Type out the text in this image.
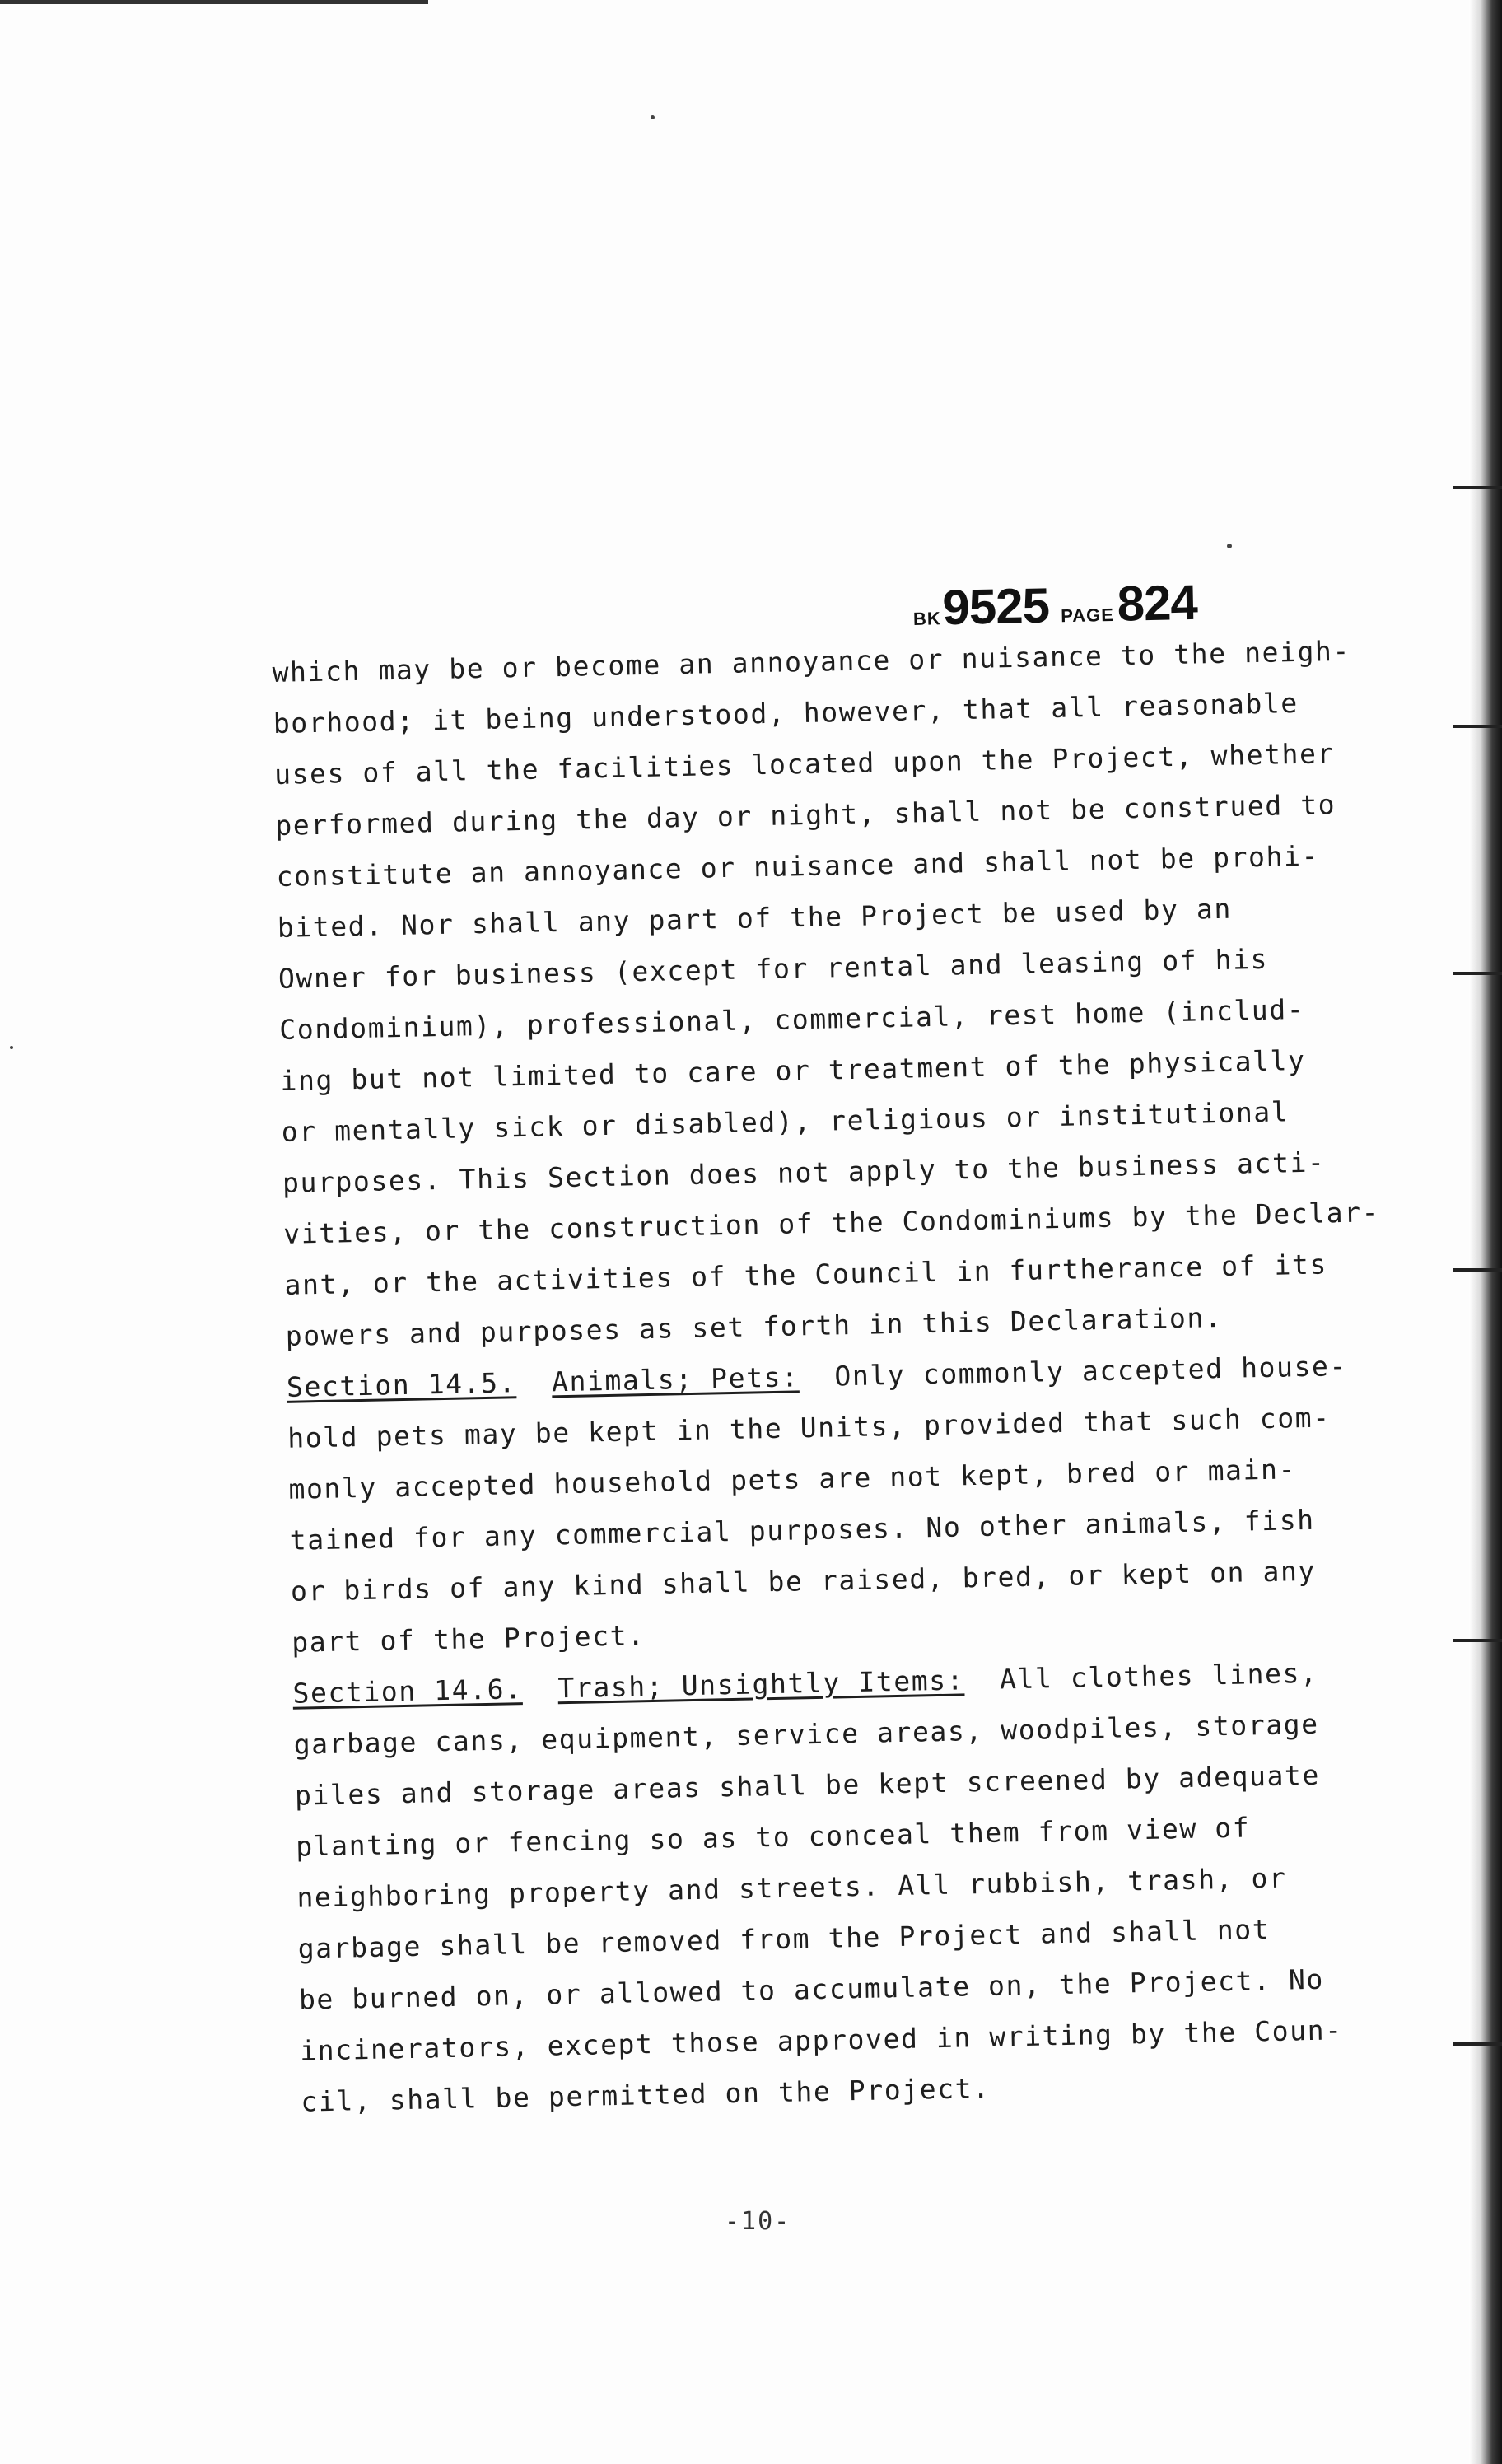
BK9525 PAGE824
which may be or become an annoyance or nuisance to the neigh-
borhood; it being understood, however, that all reasonable
uses of all the facilities located upon the Project, whether
performed during the day or night, shall not be construed to
constitute an annoyance or nuisance and shall not be prohi-
bited. Nor shall any part of the Project be used by an
Owner for business (except for rental and leasing of his
Condominium), professional, commercial, rest home (includ-
ing but not limited to care or treatment of the physically
or mentally sick or disabled), religious or institutional
purposes. This Section does not apply to the business acti-
vities, or the construction of the Condominiums by the Declar-
ant, or the activities of the Council in furtherance of its
powers and purposes as set forth in this Declaration.
Section 14.5. Animals; Pets: Only commonly accepted house-
hold pets may be kept in the Units, provided that such com-
monly accepted household pets are not kept, bred or main-
tained for any commercial purposes. No other animals, fish
or birds of any kind shall be raised, bred, or kept on any
part of the Project.
Section 14.6. Trash; Unsightly Items: All clothes lines,
garbage cans, equipment, service areas, woodpiles, storage
piles and storage areas shall be kept screened by adequate
planting or fencing so as to conceal them from view of
neighboring property and streets. All rubbish, trash, or
garbage shall be removed from the Project and shall not
be burned on, or allowed to accumulate on, the Project. No
incinerators, except those approved in writing by the Coun-
cil, shall be permitted on the Project.
-10-
